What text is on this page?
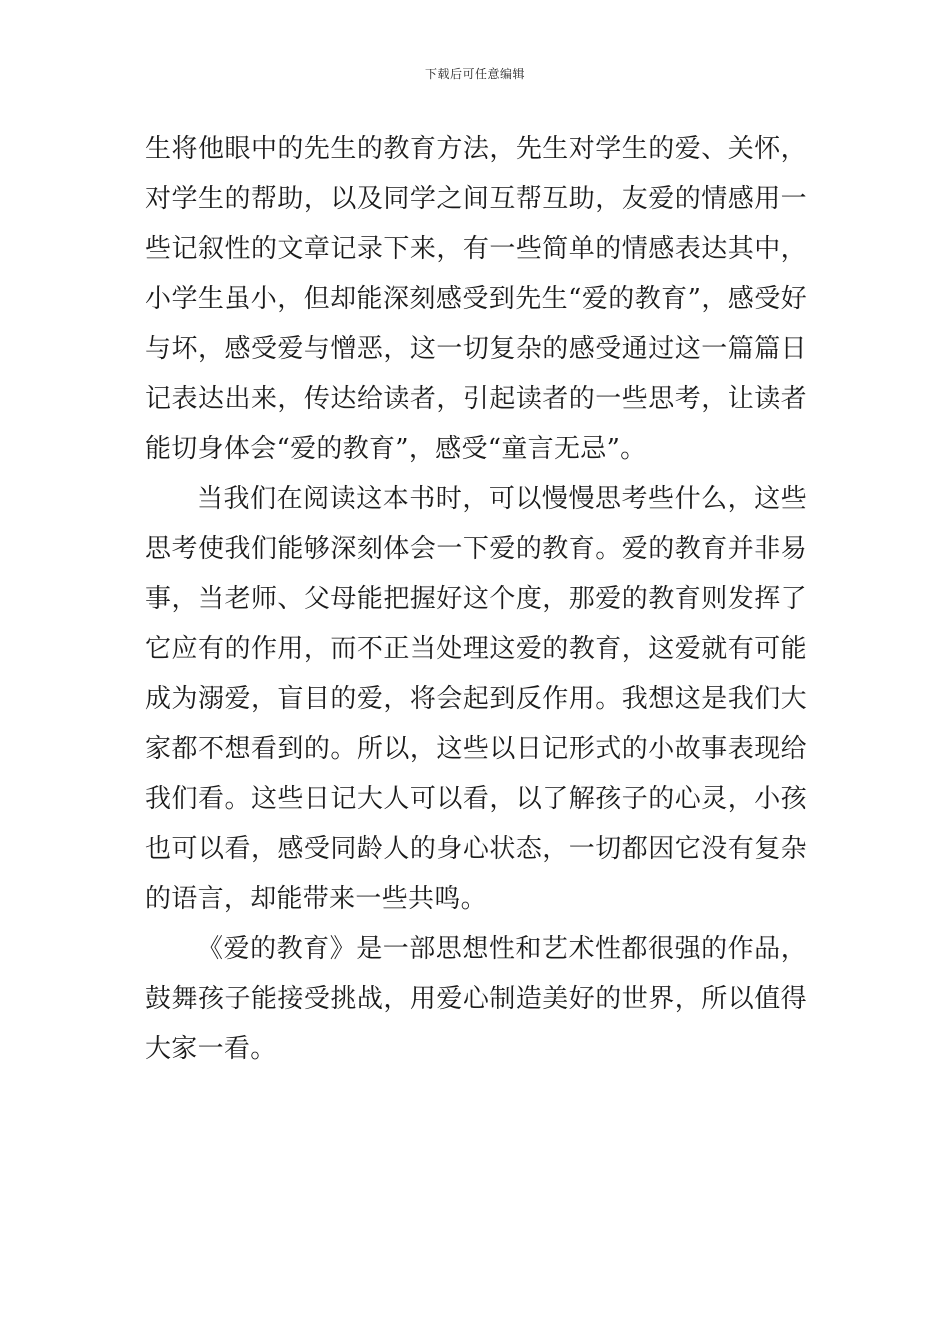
下载后可任意编辑

生将他眼中的先生的教育方法，先生对学生的爱、关怀，对学生的帮助，以及同学之间互帮互助，友爱的情感用一些记叙性的文章记录下来，有一些简单的情感表达其中，小学生虽小，但却能深刻感受到先生“爱的教育”，感受好与坏，感受爱与憎恶，这一切复杂的感受通过这一篇篇日记表达出来，传达给读者，引起读者的一些思考，让读者能切身体会“爱的教育”，感受“童言无忌”。

当我们在阅读这本书时，可以慢慢思考些什么，这些思考使我们能够深刻体会一下爱的教育。爱的教育并非易事，当老师、父母能把握好这个度，那爱的教育则发挥了它应有的作用，而不正当处理这爱的教育，这爱就有可能成为溺爱，盲目的爱，将会起到反作用。我想这是我们大家都不想看到的。所以，这些以日记形式的小故事表现给我们看。这些日记大人可以看，以了解孩子的心灵，小孩也可以看，感受同龄人的身心状态，一切都因它没有复杂的语言，却能带来一些共鸣。

《爱的教育》是一部思想性和艺术性都很强的作品，鼓舞孩子能接受挑战，用爱心制造美好的世界，所以值得大家一看。
